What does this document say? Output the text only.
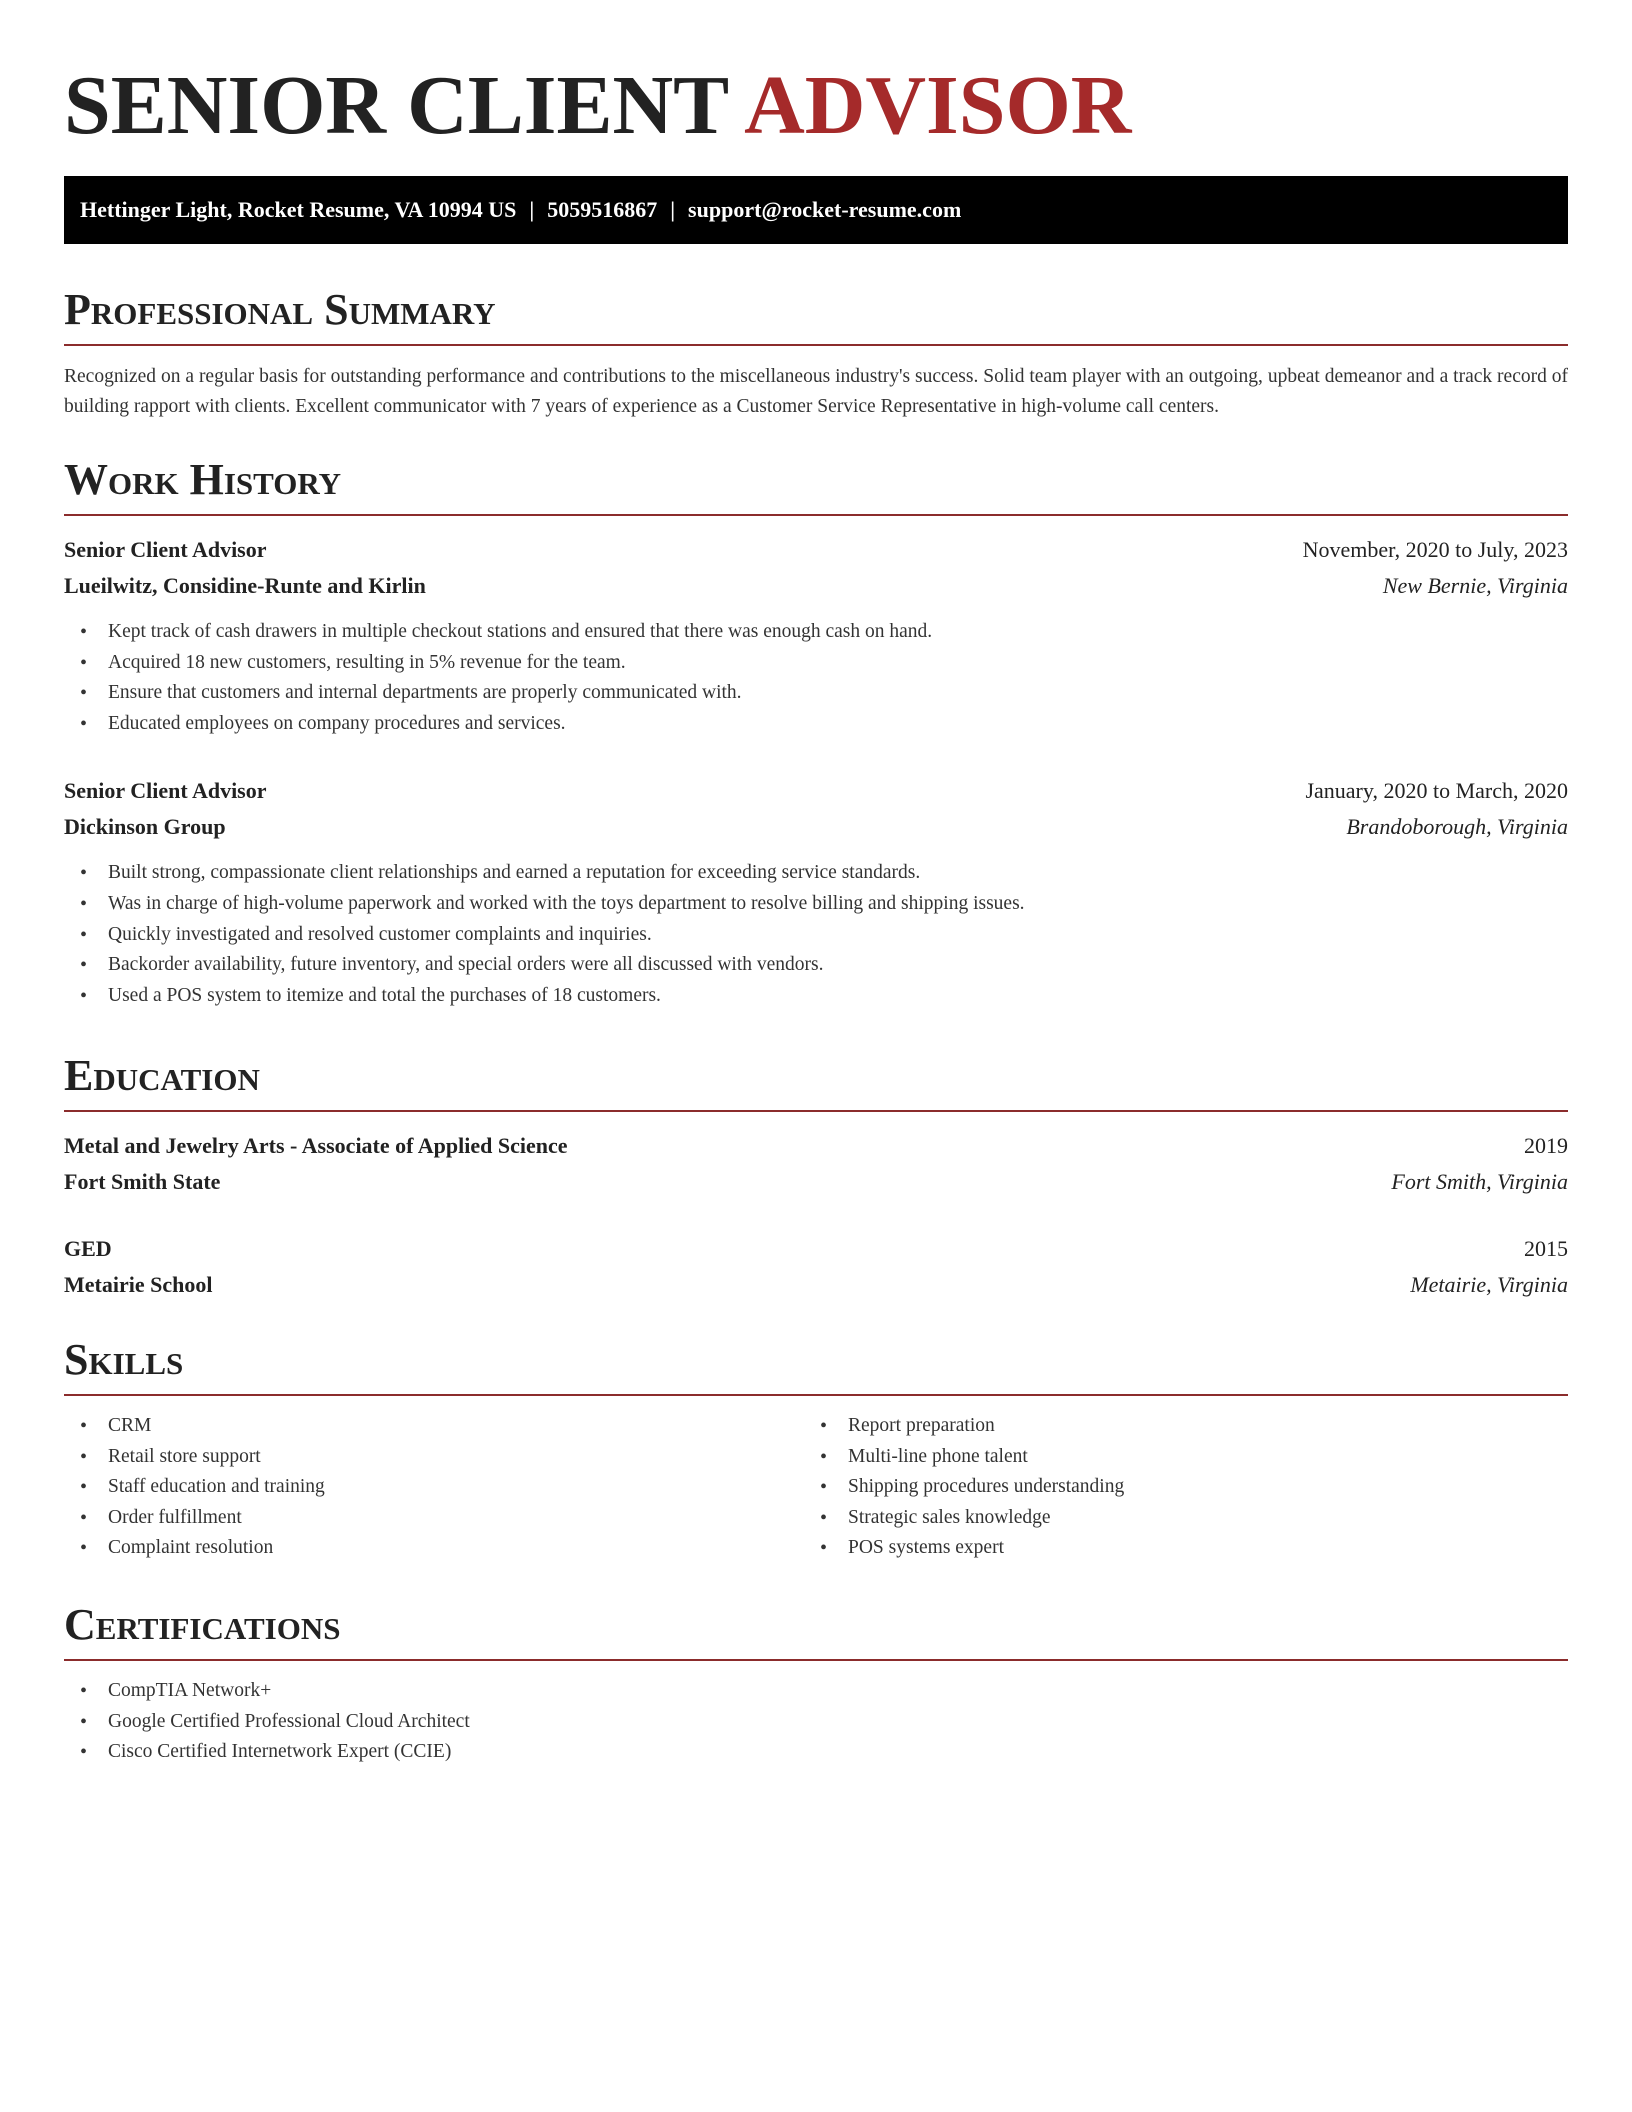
SENIOR CLIENT ADVISOR
Hettinger Light, Rocket Resume, VA 10994 US | 5059516867 | support@rocket-resume.com
Professional Summary
Recognized on a regular basis for outstanding performance and contributions to the miscellaneous industry's success. Solid team player with an outgoing, upbeat demeanor and a track record of building rapport with clients. Excellent communicator with 7 years of experience as a Customer Service Representative in high-volume call centers.
Work History
Senior Client Advisor	November, 2020 to July, 2023
Lueilwitz, Considine-Runte and Kirlin	New Bernie, Virginia
• Kept track of cash drawers in multiple checkout stations and ensured that there was enough cash on hand.
• Acquired 18 new customers, resulting in 5% revenue for the team.
• Ensure that customers and internal departments are properly communicated with.
• Educated employees on company procedures and services.
Senior Client Advisor	January, 2020 to March, 2020
Dickinson Group	Brandoborough, Virginia
• Built strong, compassionate client relationships and earned a reputation for exceeding service standards.
• Was in charge of high-volume paperwork and worked with the toys department to resolve billing and shipping issues.
• Quickly investigated and resolved customer complaints and inquiries.
• Backorder availability, future inventory, and special orders were all discussed with vendors.
• Used a POS system to itemize and total the purchases of 18 customers.
Education
Metal and Jewelry Arts - Associate of Applied Science	2019
Fort Smith State	Fort Smith, Virginia
GED	2015
Metairie School	Metairie, Virginia
Skills
• CRM
• Retail store support
• Staff education and training
• Order fulfillment
• Complaint resolution
• Report preparation
• Multi-line phone talent
• Shipping procedures understanding
• Strategic sales knowledge
• POS systems expert
Certifications
• CompTIA Network+
• Google Certified Professional Cloud Architect
• Cisco Certified Internetwork Expert (CCIE)
